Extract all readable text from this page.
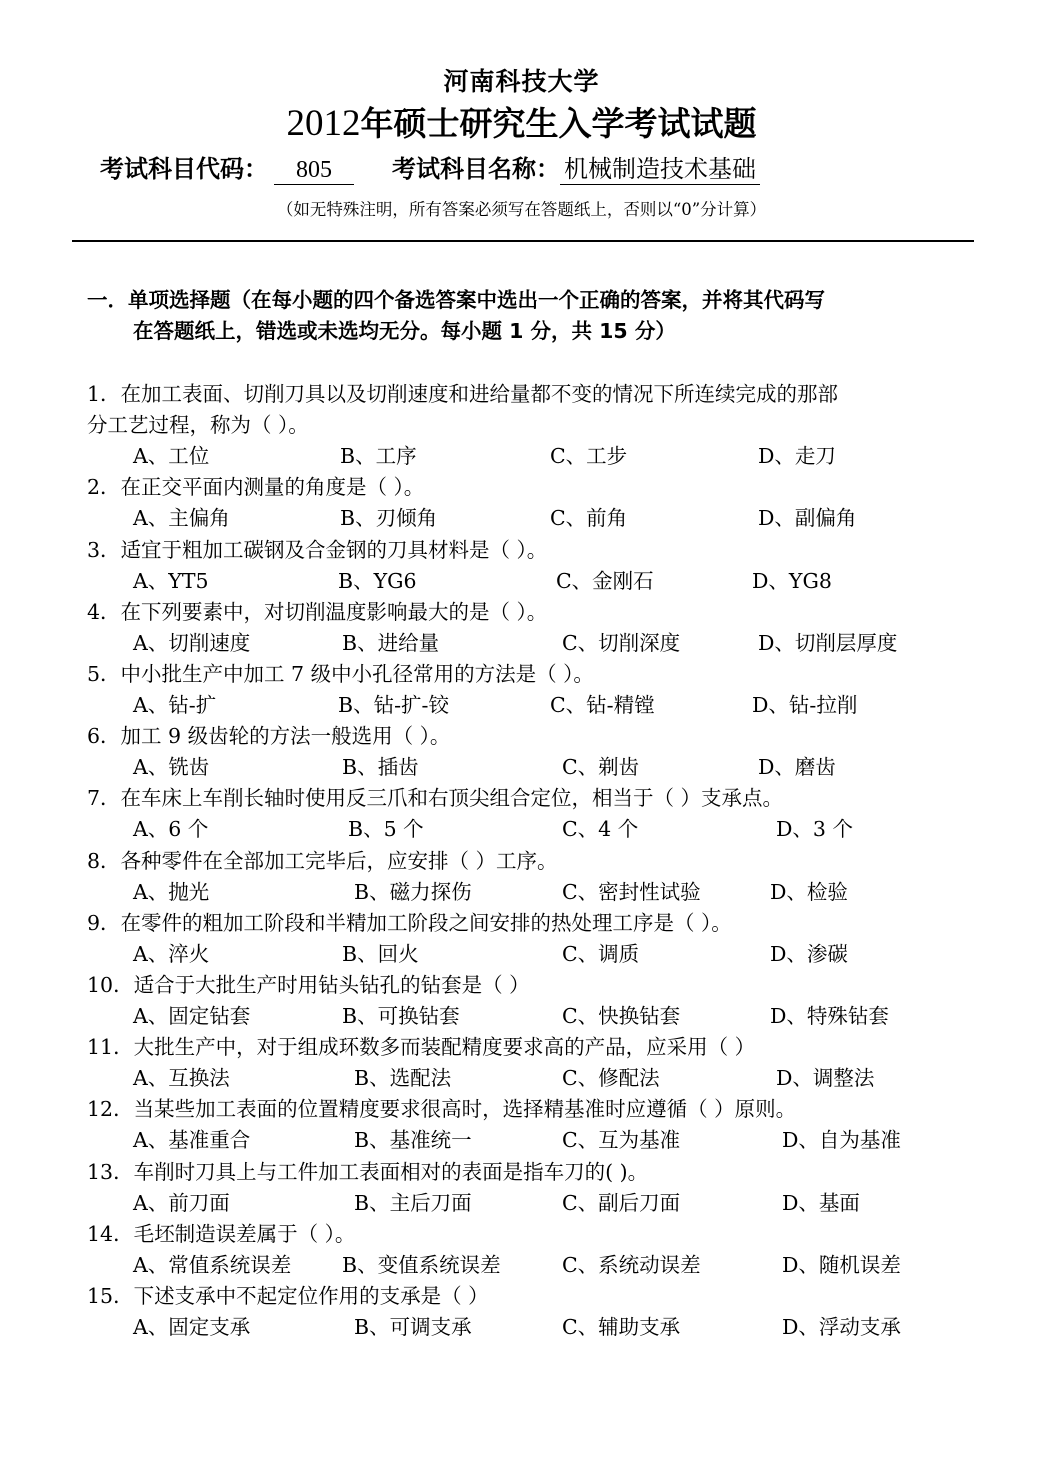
河南科技大学
2012年硕士研究生入学考试试题
考试科目代码： 805	考试科目名称： 机械制造技术基础
（如无特殊注明，所有答案必须写在答题纸上，否则以“0”分计算）
一．单项选择题（在每小题的四个备选答案中选出一个正确的答案，并将其代码写
在答题纸上，错选或未选均无分。每小题 1 分，共 15 分）
1．在加工表面、切削刀具以及切削速度和进给量都不变的情况下所连续完成的那部
分工艺过程，称为（ ）。
A、工位	B、工序	C、工步	D、走刀
2．在正交平面内测量的角度是（ ）。
A、主偏角	B、刃倾角	C、前角	D、副偏角
3．适宜于粗加工碳钢及合金钢的刀具材料是（ ）。
A、YT5	B、YG6	C、金刚石	D、YG8
4．在下列要素中，对切削温度影响最大的是（ ）。
A、切削速度	B、进给量	C、切削深度	D、切削层厚度
5．中小批生产中加工 7 级中小孔径常用的方法是（ ）。
A、钻-扩	B、钻-扩-铰	C、钻-精镗	D、钻-拉削
6．加工 9 级齿轮的方法一般选用（ ）。
A、铣齿	B、插齿	C、剃齿	D、磨齿
7．在车床上车削长轴时使用反三爪和右顶尖组合定位，相当于（ ）支承点。
A、6 个	B、5 个	C、4 个	D、3 个
8．各种零件在全部加工完毕后，应安排（ ）工序。
A、抛光	B、磁力探伤	C、密封性试验	D、检验
9．在零件的粗加工阶段和半精加工阶段之间安排的热处理工序是（ ）。
A、淬火	B、回火	C、调质	D、渗碳
10．适合于大批生产时用钻头钻孔的钻套是（ ）
A、固定钻套	B、可换钻套	C、快换钻套	D、特殊钻套
11．大批生产中，对于组成环数多而装配精度要求高的产品，应采用（ ）
A、互换法	B、选配法	C、修配法	D、调整法
12．当某些加工表面的位置精度要求很高时，选择精基准时应遵循（ ）原则。
A、基准重合	B、基准统一	C、互为基准	D、自为基准
13．车削时刀具上与工件加工表面相对的表面是指车刀的( )。
A、前刀面	B、主后刀面	C、副后刀面	D、基面
14．毛坯制造误差属于（ ）。
A、常值系统误差 B、变值系统误差	C、系统动误差	D、随机误差
15．下述支承中不起定位作用的支承是（ ）
A、固定支承	B、可调支承	C、辅助支承	D、浮动支承
